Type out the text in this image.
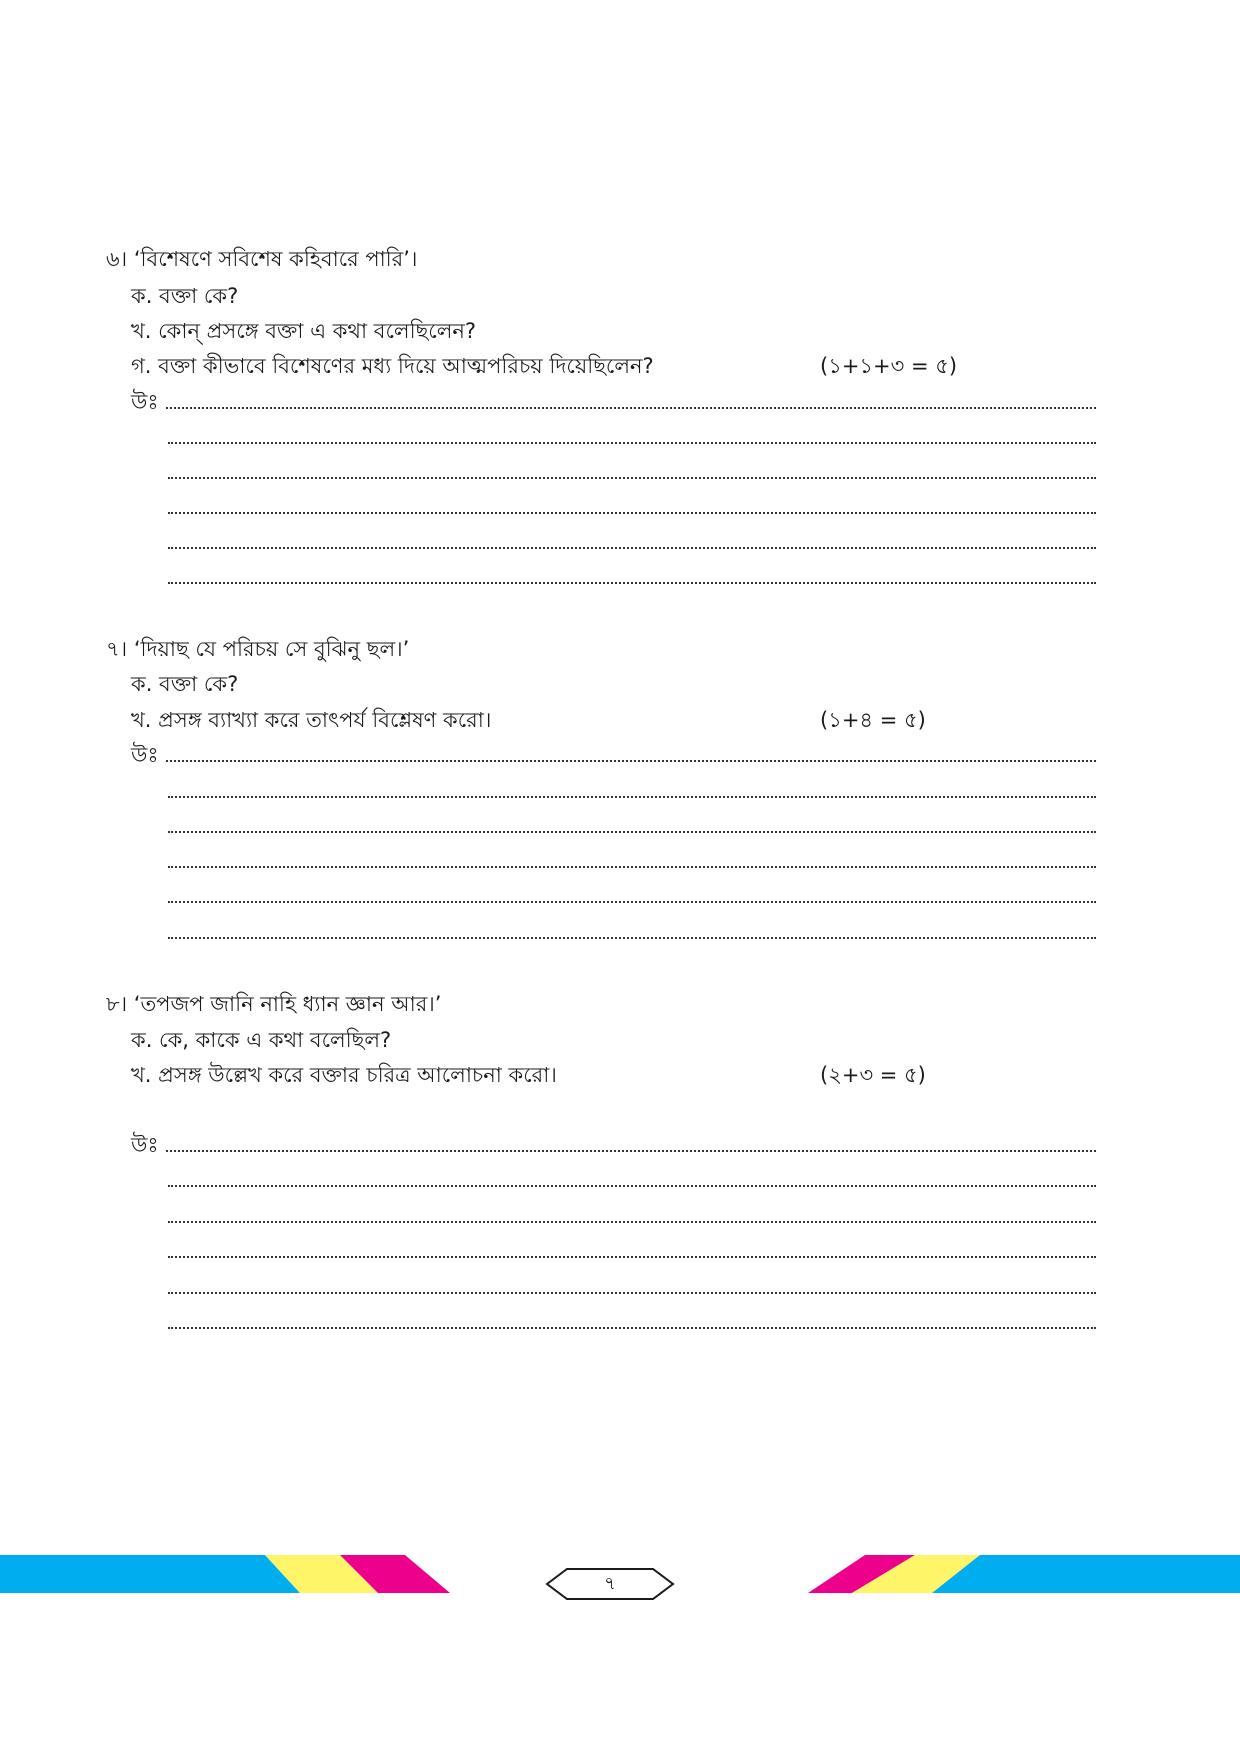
৬। ‘বিশেষণে সবিশেষ কহিবারে পারি’।
ক. বক্তা কে?
খ. কোন্‌ প্রসঙ্গে বক্তা এ কথা বলেছিলেন?
গ. বক্তা কীভাবে বিশেষণের মধ্য দিয়ে আত্মপরিচয় দিয়েছিলেন?	(১+১+৩ = ৫)
উঃ
৭। ‘দিয়াছ যে পরিচয় সে বুঝিনু ছল।’
ক. বক্তা কে?
খ. প্রসঙ্গ ব্যাখ্যা করে তাৎপর্য বিশ্লেষণ করো।	(১+৪ = ৫)
উঃ
৮। ‘তপজপ জানি নাহি ধ্যান জ্ঞান আর।’
ক. কে, কাকে এ কথা বলেছিল?
খ. প্রসঙ্গ উল্লেখ করে বক্তার চরিত্র আলোচনা করো।	(২+৩ = ৫)
উঃ
৭
